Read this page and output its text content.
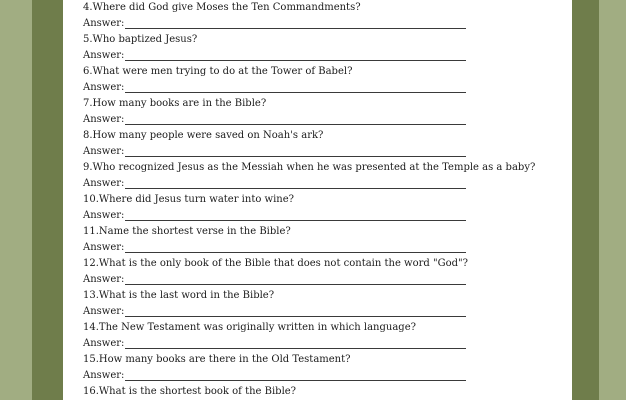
4.Where did God give Moses the Ten Commandments?
Answer:
5.Who baptized Jesus?
Answer:
6.What were men trying to do at the Tower of Babel?
Answer:
7.How many books are in the Bible?
Answer:
8.How many people were saved on Noah's ark?
Answer:
9.Who recognized Jesus as the Messiah when he was presented at the Temple as a baby?
Answer:
10.Where did Jesus turn water into wine?
Answer:
11.Name the shortest verse in the Bible?
Answer:
12.What is the only book of the Bible that does not contain the word "God"?
Answer:
13.What is the last word in the Bible?
Answer:
14.The New Testament was originally written in which language?
Answer:
15.How many books are there in the Old Testament?
Answer:
16.What is the shortest book of the Bible?
